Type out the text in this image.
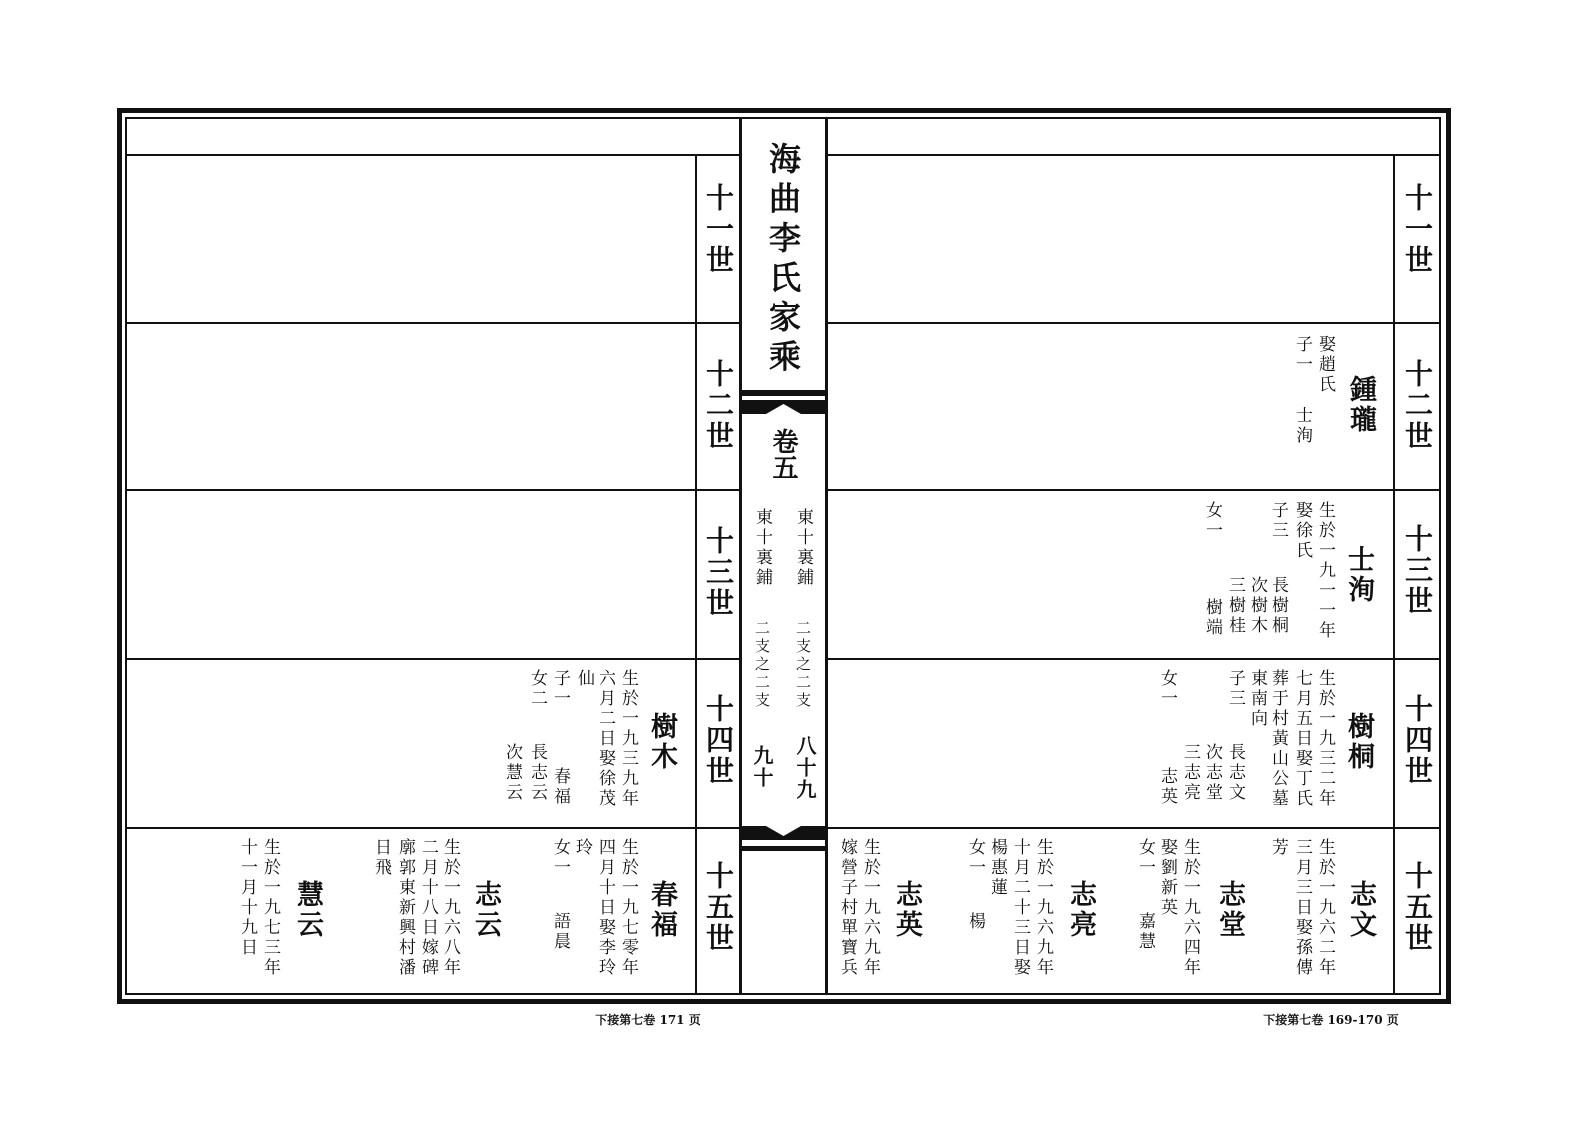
十一世
十二世
十三世
十四世
十五世
十一世
十二世
十三世
十四世
十五世
海曲李氏家乘
卷五
東十裏鋪
二支之二支
八十九
東十裏鋪
二支之二支
九十
樹木
生於一九三九年
六月二日娶徐茂
仙
子一
女二
春福
長志云
次慧云
春福
生於一九七零年
四月十日娶李玲
玲
女一
語晨
志云
生於一九六八年
二月十八日嫁碑
廓郭東新興村潘
日飛
慧云
生於一九七三年
十一月十九日
鍾瓏
娶趙氏
子一
士洵
士洵
生於一九一一年
娶徐氏
子三
女一
長樹桐
次樹木
三樹桂
樹端
樹桐
生於一九三二年
七月五日娶丁氏
葬于村黃山公墓
東南向
子三
女一
長志文
次志堂
三志亮
志英
志文
生於一九六二年
三月三日娶孫傳
芳
志堂
生於一九六四年
娶劉新英
女一
嘉慧
志亮
生於一九六九年
十月二十三日娶
楊惠蓮
女一
楊
志英
生於一九六九年
嫁營子村單寶兵
下接第七卷 171 页	下接第七卷 169-170 页
